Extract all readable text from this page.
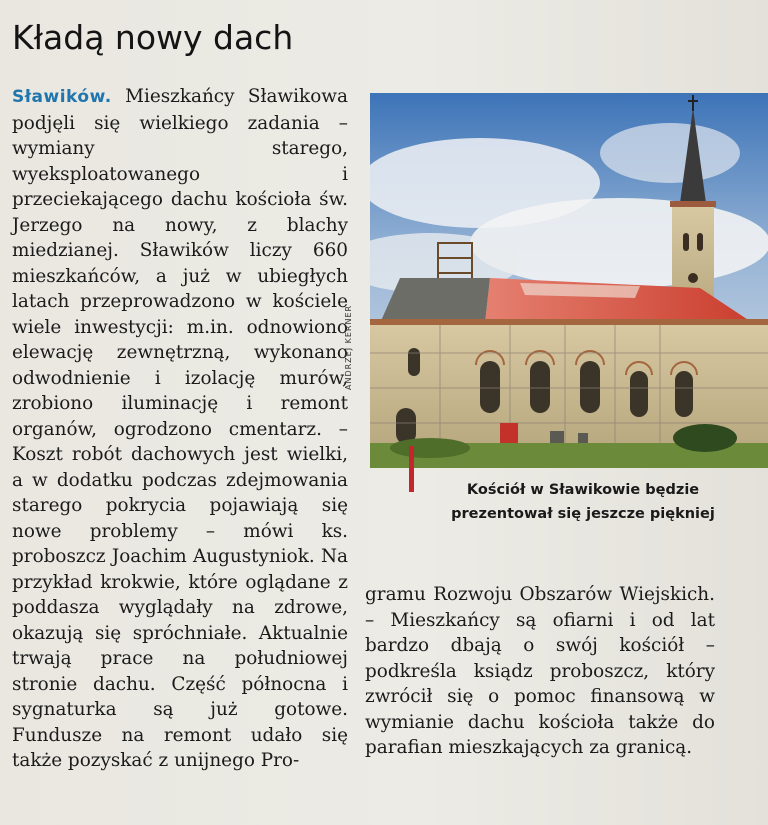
Kładą nowy dach

Sławików. Mieszkańcy Sławikowa podjęli się wielkiego zadania – wymiany starego, wyeksploatowanego i przeciekającego dachu kościoła św. Jerzego na nowy, z blachy miedzianej. Sławików liczy 660 mieszkańców, a już w ubiegłych latach przeprowadzono w kościele wiele inwestycji: m.in. odnowiono elewację zewnętrzną, wykonano odwodnienie i izolację murów, zrobiono iluminację i remont organów, ogrodzono cmentarz. – Koszt robót dachowych jest wielki, a w dodatku podczas zdejmowania starego pokrycia pojawiają się nowe problemy – mówi ks. proboszcz Joachim Augustyniok. Na przykład krokwie, które oglądane z poddasza wyglądały na zdrowe, okazują się spróchniałe. Aktualnie trwają prace na południowej stronie dachu. Część północna i sygnaturka są już gotowe. Fundusze na remont udało się także pozyskać z unijnego Pro-

ANDRZEJ KERNER
Kościół w Sławikowie będzie prezentował się jeszcze piękniej

gramu Rozwoju Obszarów Wiejskich. – Mieszkańcy są ofiarni i od lat bardzo dbają o swój kościół – podkreśla ksiądz proboszcz, który zwrócił się o pomoc finansową w wymianie dachu kościoła także do parafian mieszkających za granicą.
